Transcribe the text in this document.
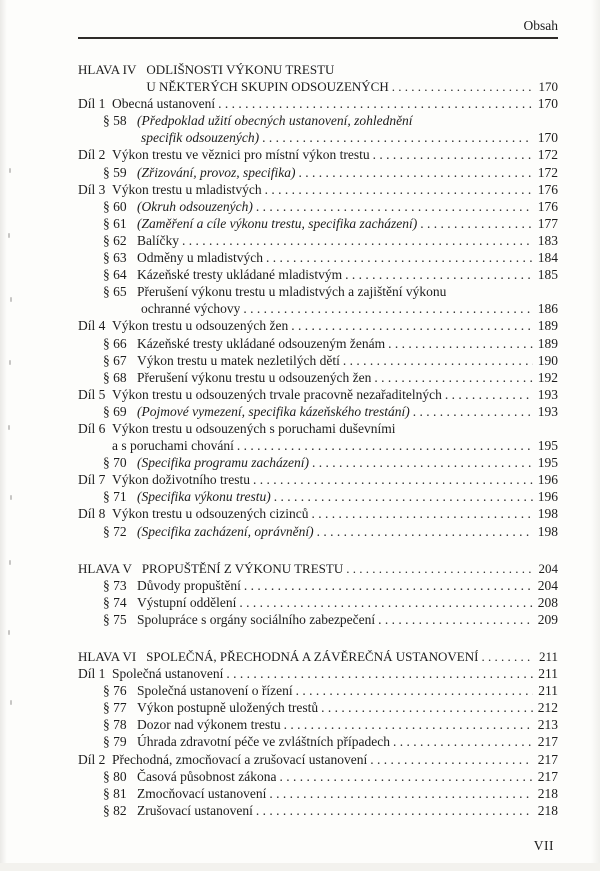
Obsah
HLAVA IV ODLIŠNOSTI VÝKONU TRESTU
U NĚKTERÝCH SKUPIN ODSOUZENÝCH . . .	170
Díl 1 Obecná ustanovení . . .	170
§ 58 (Předpoklad užití obecných ustanovení, zohlednění
specifik odsouzených) . . .	170
Díl 2 Výkon trestu ve věznici pro místní výkon trestu . . .	172
§ 59 (Zřizování, provoz, specifika) . . .	172
Díl 3 Výkon trestu u mladistvých . . .	176
§ 60 (Okruh odsouzených) . . .	176
§ 61 (Zaměření a cíle výkonu trestu, specifika zacházení) . . .	177
§ 62 Balíčky . . .	183
§ 63 Odměny u mladistvých . . .	184
§ 64 Kázeňské tresty ukládané mladistvým . . .	185
§ 65 Přerušení výkonu trestu u mladistvých a zajištění výkonu
ochranné výchovy . . .	186
Díl 4 Výkon trestu u odsouzených žen . . .	189
§ 66 Kázeňské tresty ukládané odsouzeným ženám . . .	189
§ 67 Výkon trestu u matek nezletilých dětí . . .	190
§ 68 Přerušení výkonu trestu u odsouzených žen . . .	192
Díl 5 Výkon trestu u odsouzených trvale pracovně nezařaditelných . . .	193
§ 69 (Pojmové vymezení, specifika kázeňského trestání) . . .	193
Díl 6 Výkon trestu u odsouzených s poruchami duševními
a s poruchami chování . . .	195
§ 70 (Specifika programu zacházení) . . .	195
Díl 7 Výkon doživotního trestu . . .	196
§ 71 (Specifika výkonu trestu) . . .	196
Díl 8 Výkon trestu u odsouzených cizinců . . .	198
§ 72 (Specifika zacházení, oprávnění) . . .	198
HLAVA V PROPUŠTĚNÍ Z VÝKONU TRESTU . . .	204
§ 73 Důvody propuštění . . .	204
§ 74 Výstupní oddělení . . .	208
§ 75 Spolupráce s orgány sociálního zabezpečení . . .	209
HLAVA VI SPOLEČNÁ, PŘECHODNÁ A ZÁVĚREČNÁ USTANOVENÍ . . .	211
Díl 1 Společná ustanovení . . .	211
§ 76 Společná ustanovení o řízení . . .	211
§ 77 Výkon postupně uložených trestů . . .	212
§ 78 Dozor nad výkonem trestu . . .	213
§ 79 Úhrada zdravotní péče ve zvláštních případech . . .	217
Díl 2 Přechodná, zmocňovací a zrušovací ustanovení . . .	217
§ 80 Časová působnost zákona . . .	217
§ 81 Zmocňovací ustanovení . . .	218
§ 82 Zrušovací ustanovení . . .	218
VII
